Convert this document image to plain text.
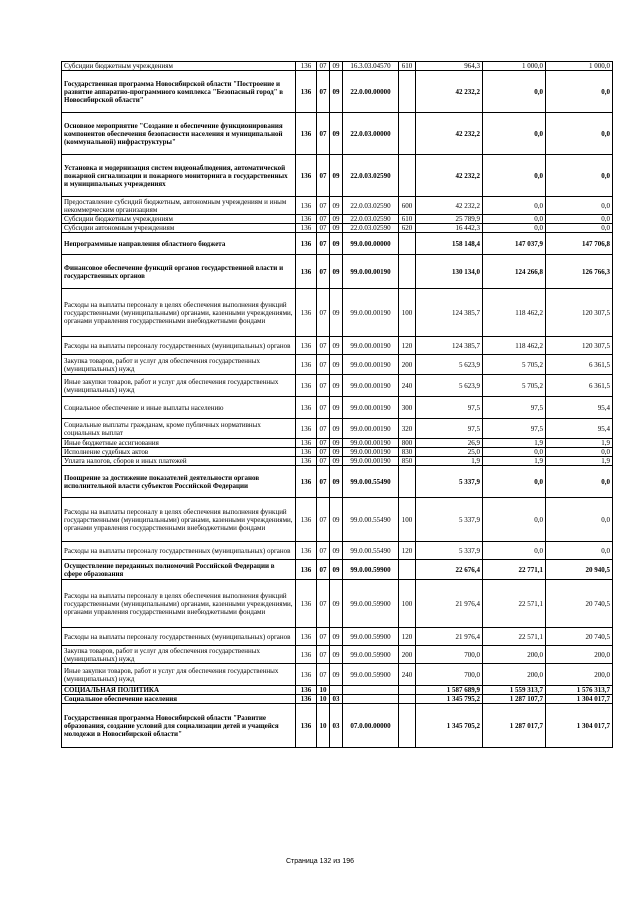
Субсидии бюджетным учреждениям	136	07	09	16.3.03.04570	610	964,3	1 000,0	1 000,0
Государственная программа Новосибирской области "Построение и развитие аппаратно-программного комплекса "Безопасный город" в Новосибирской области"	136	07	09	22.0.00.00000		42 232,2	0,0	0,0
Основное мероприятие "Создание и обеспечение функционирования компонентов обеспечения безопасности населения и муниципальной (коммунальной) инфраструктуры"	136	07	09	22.0.03.00000		42 232,2	0,0	0,0
Установка и модернизация систем видеонаблюдения, автоматической пожарной сигнализации и пожарного мониторинга в государственных и муниципальных учреждениях	136	07	09	22.0.03.02590		42 232,2	0,0	0,0
Предоставление субсидий бюджетным, автономным учреждениям и иным некоммерческим организациям	136	07	09	22.0.03.02590	600	42 232,2	0,0	0,0
Субсидии бюджетным учреждениям	136	07	09	22.0.03.02590	610	25 789,9	0,0	0,0
Субсидии автономным учреждениям	136	07	09	22.0.03.02590	620	16 442,3	0,0	0,0
Непрограммные направления областного бюджета	136	07	09	99.0.00.00000		158 148,4	147 037,9	147 706,8
Финансовое обеспечение функций органов государственной власти и государственных органов	136	07	09	99.0.00.00190		130 134,0	124 266,8	126 766,3
Расходы на выплаты персоналу в целях обеспечения выполнения функций государственными (муниципальными) органами, казенными учреждениями, органами управления государственными внебюджетными фондами	136	07	09	99.0.00.00190	100	124 385,7	118 462,2	120 307,5
Расходы на выплаты персоналу государственных (муниципальных) органов	136	07	09	99.0.00.00190	120	124 385,7	118 462,2	120 307,5
Закупка товаров, работ и услуг для обеспечения государственных (муниципальных) нужд	136	07	09	99.0.00.00190	200	5 623,9	5 705,2	6 361,5
Иные закупки товаров, работ и услуг для обеспечения государственных (муниципальных) нужд	136	07	09	99.0.00.00190	240	5 623,9	5 705,2	6 361,5
Социальное обеспечение и иные выплаты населению	136	07	09	99.0.00.00190	300	97,5	97,5	95,4
Социальные выплаты гражданам, кроме публичных нормативных социальных выплат	136	07	09	99.0.00.00190	320	97,5	97,5	95,4
Иные бюджетные ассигнования	136	07	09	99.0.00.00190	800	26,9	1,9	1,9
Исполнение судебных актов	136	07	09	99.0.00.00190	830	25,0	0,0	0,0
Уплата налогов, сборов и иных платежей	136	07	09	99.0.00.00190	850	1,9	1,9	1,9
Поощрение за достижение показателей деятельности органов исполнительной власти субъектов Российской Федерации	136	07	09	99.0.00.55490		5 337,9	0,0	0,0
Расходы на выплаты персоналу в целях обеспечения выполнения функций государственными (муниципальными) органами, казенными учреждениями, органами управления государственными внебюджетными фондами	136	07	09	99.0.00.55490	100	5 337,9	0,0	0,0
Расходы на выплаты персоналу государственных (муниципальных) органов	136	07	09	99.0.00.55490	120	5 337,9	0,0	0,0
Осуществление переданных полномочий Российской Федерации в сфере образования	136	07	09	99.0.00.59900		22 676,4	22 771,1	20 940,5
Расходы на выплаты персоналу в целях обеспечения выполнения функций государственными (муниципальными) органами, казенными учреждениями, органами управления государственными внебюджетными фондами	136	07	09	99.0.00.59900	100	21 976,4	22 571,1	20 740,5
Расходы на выплаты персоналу государственных (муниципальных) органов	136	07	09	99.0.00.59900	120	21 976,4	22 571,1	20 740,5
Закупка товаров, работ и услуг для обеспечения государственных (муниципальных) нужд	136	07	09	99.0.00.59900	200	700,0	200,0	200,0
Иные закупки товаров, работ и услуг для обеспечения государственных (муниципальных) нужд	136	07	09	99.0.00.59900	240	700,0	200,0	200,0
СОЦИАЛЬНАЯ ПОЛИТИКА	136	10				1 587 689,9	1 559 313,7	1 576 313,7
Социальное обеспечение населения	136	10	03			1 345 795,2	1 287 107,7	1 304 017,7
Государственная программа Новосибирской области "Развитие образования, создание условий для социализации детей и учащейся молодежи в Новосибирской области"	136	10	03	07.0.00.00000		1 345 705,2	1 287 017,7	1 304 017,7
Страница 132 из 196
